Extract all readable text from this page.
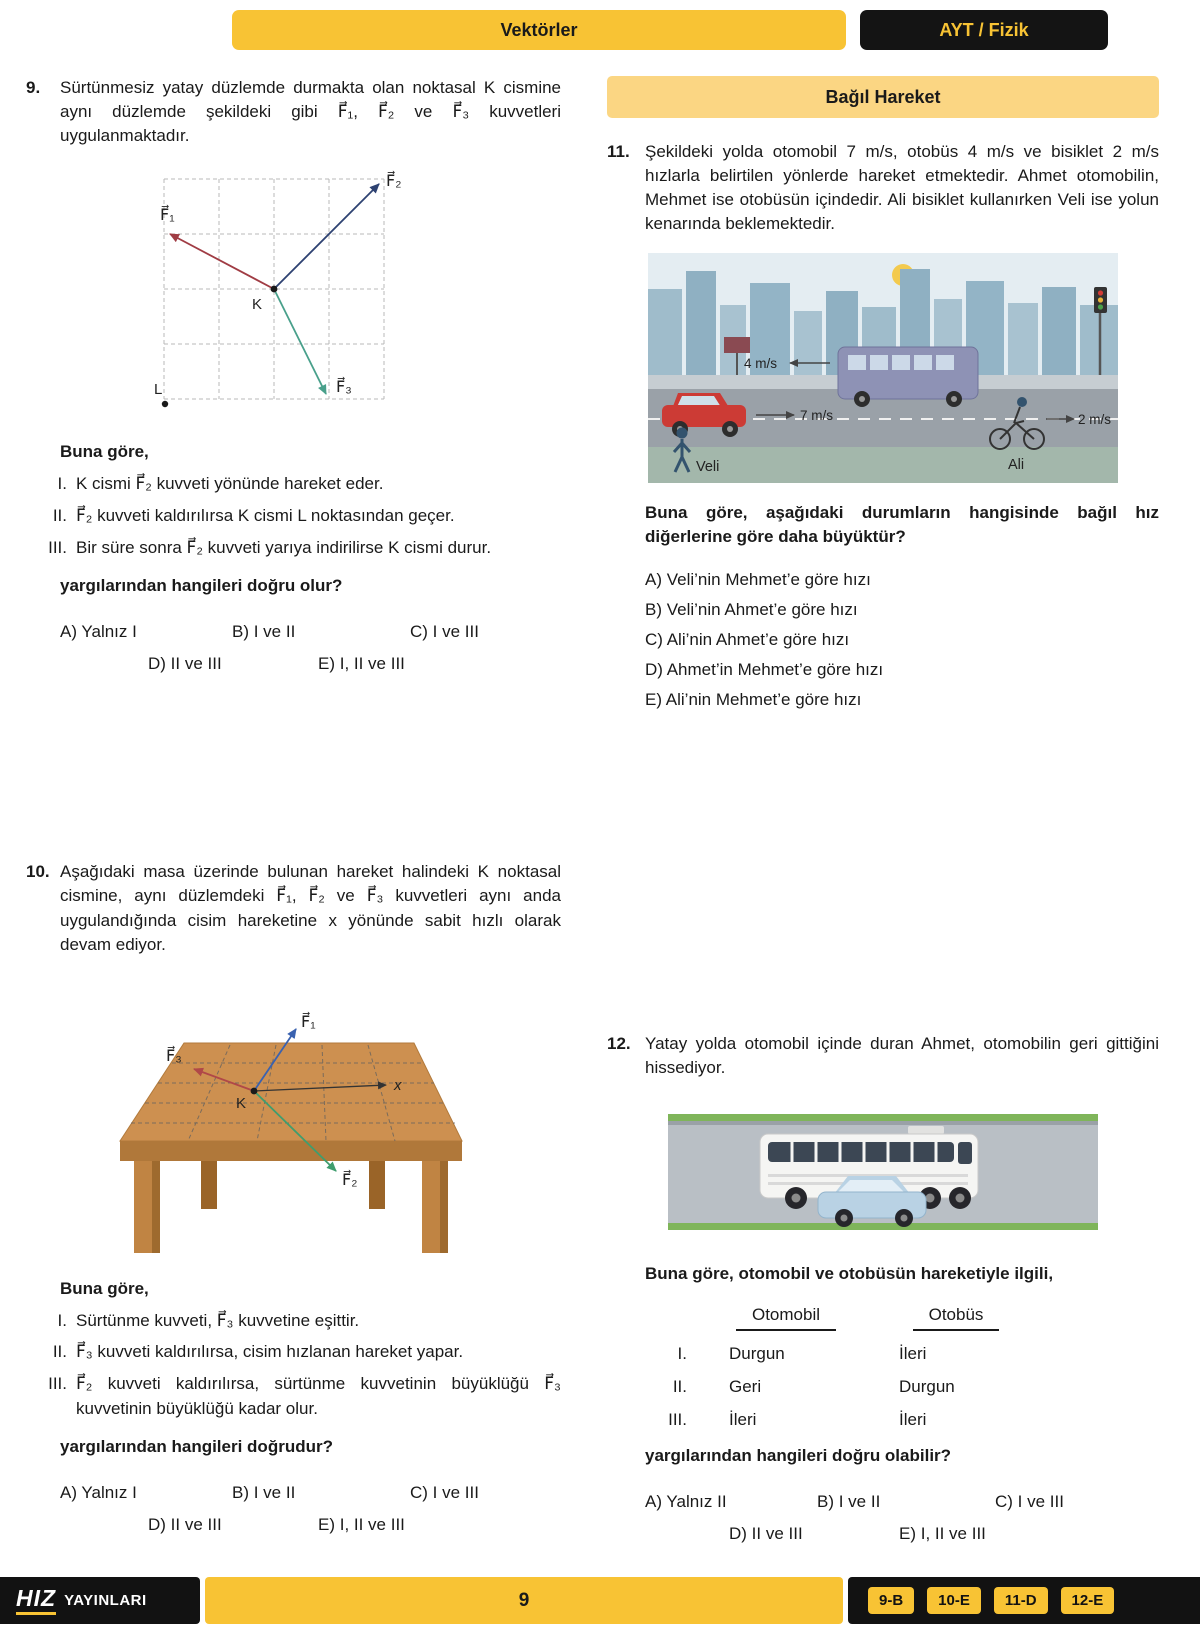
Vektörler	AYT / Fizik
9.	Sürtünmesiz yatay düzlemde durmakta olan noktasal K cismine aynı düzlemde şekildeki gibi F⃗₁, F⃗₂ ve F⃗₃ kuvvetleri uygulanmaktadır.
F⃗₂
F⃗₁
F⃗₃
K
L
Buna göre,
I. K cismi F⃗₂ kuvveti yönünde hareket eder.
II. F⃗₂ kuvveti kaldırılırsa K cismi L noktasından geçer.
III. Bir süre sonra F⃗₂ kuvveti yarıya indirilirse K cismi durur.
yargılarından hangileri doğru olur?
A) Yalnız I	B) I ve II	C) I ve III
D) II ve III	E) I, II ve III
10. Aşağıdaki masa üzerinde bulunan hareket halindeki K noktasal cismine, aynı düzlemdeki F⃗₁, F⃗₂ ve F⃗₃ kuvvetleri aynı anda uygulandığında cisim hareketine x yönünde sabit hızlı olarak devam ediyor.
F⃗₁
F⃗₃
F⃗₂
x
K
Buna göre,
I. Sürtünme kuvveti, F⃗₃ kuvvetine eşittir.
II. F⃗₃ kuvveti kaldırılırsa, cisim hızlanan hareket yapar.
III. F⃗₂ kuvveti kaldırılırsa, sürtünme kuvvetinin büyüklüğü F⃗₃ kuvvetinin büyüklüğü kadar olur.
yargılarından hangileri doğrudur?
A) Yalnız I	B) I ve II	C) I ve III
D) II ve III	E) I, II ve III
Bağıl Hareket
11. Şekildeki yolda otomobil 7 m/s, otobüs 4 m/s ve bisiklet 2 m/s hızlarla belirtilen yönlerde hareket etmektedir. Ahmet otomobilin, Mehmet ise otobüsün içindedir. Ali bisiklet kullanırken Veli ise yolun kenarında beklemektedir.
4 m/s
7 m/s	2 m/s
Ali
Veli
Buna göre, aşağıdaki durumların hangisinde bağıl hız diğerlerine göre daha büyüktür?
A) Veli’nin Mehmet’e göre hızı
B) Veli’nin Ahmet’e göre hızı
C) Ali’nin Ahmet’e göre hızı
D) Ahmet’in Mehmet’e göre hızı
E) Ali’nin Mehmet’e göre hızı
12. Yatay yolda otomobil içinde duran Ahmet, otomobilin geri gittiğini hissediyor.
Buna göre, otomobil ve otobüsün hareketiyle ilgili,
Otomobil	Otobüs
I.	Durgun	İleri
II.	Geri	Durgun
III.	İleri	İleri
yargılarından hangileri doğru olabilir?
A) Yalnız II	B) I ve II	C) I ve III
D) II ve III	E) I, II ve III
HIZ YAYINLARI	9	9-B	10-E	11-D	12-E
